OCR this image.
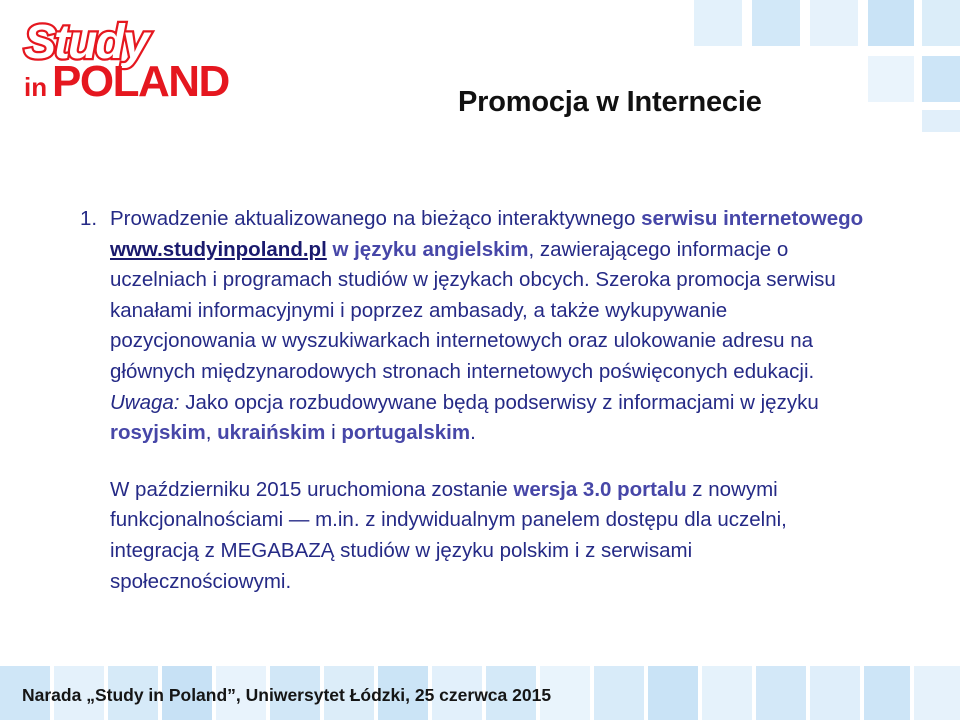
Study
in POLAND	Promocja w Internecie
1. Prowadzenie aktualizowanego na bieżąco interaktywnego serwisu internetowego www.studyinpoland.pl w języku angielskim, zawierającego informacje o uczelniach i programach studiów w językach obcych. Szeroka promocja serwisu kanałami informacyjnymi i poprzez ambasady, a także wykupywanie pozycjonowania w wyszukiwarkach internetowych oraz ulokowanie adresu na głównych międzynarodowych stronach internetowych poświęconych edukacji. Uwaga: Jako opcja rozbudowywane będą podserwisy z informacjami w języku rosyjskim, ukraińskim i portugalskim.
W październiku 2015 uruchomiona zostanie wersja 3.0 portalu z nowymi funkcjonalnościami — m.in. z indywidualnym panelem dostępu dla uczelni, integracją z MEGABAZĄ studiów w języku polskim i z serwisami społecznościowymi.
Narada „Study in Poland”, Uniwersytet Łódzki, 25 czerwca 2015
